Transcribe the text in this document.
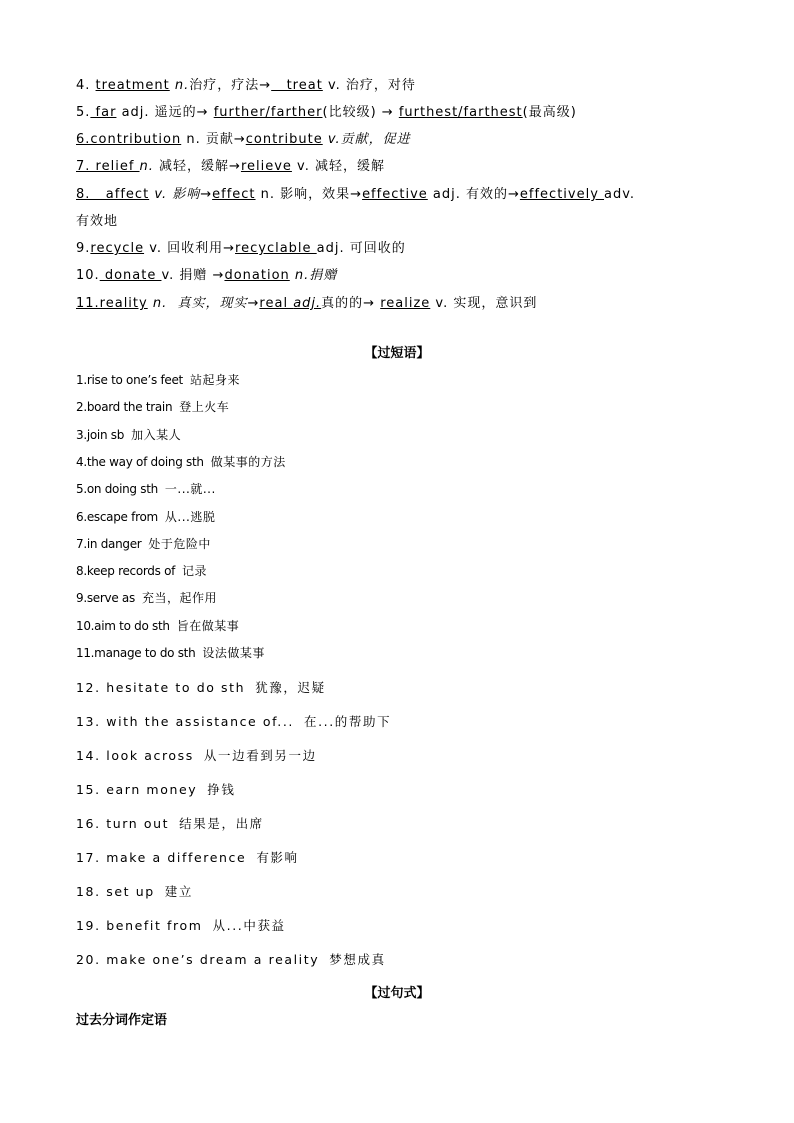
4. treatment n.治疗，疗法→   treat v. 治疗，对待
5. far adj. 遥远的→ further/farther(比较级) → furthest/farthest(最高级)
6.contribution n. 贡献→contribute v.贡献，促进
7. relief n. 减轻，缓解→relieve v. 减轻，缓解
8.   affect v. 影响→effect n. 影响，效果→effective adj. 有效的→effectively adv.
有效地
9.recycle v. 回收利用→recyclable adj. 可回收的
10. donate v. 捐赠 →donation n.捐赠
11.reality n. 真实，现实→real adj.真的的→ realize v. 实现，意识到
【过短语】
1.rise to one’s feet 站起身来
2.board the train 登上火车
3.join sb 加入某人
4.the way of doing sth 做某事的方法
5.on doing sth 一...就...
6.escape from 从...逃脱
7.in danger 处于危险中
8.keep records of 记录
9.serve as 充当，起作用
10.aim to do sth 旨在做某事
11.manage to do sth 设法做某事
12. hesitate to do sth 犹豫，迟疑
13. with the assistance of... 在...的帮助下
14. look across 从一边看到另一边
15. earn money 挣钱
16. turn out 结果是，出席
17. make a difference 有影响
18. set up 建立
19. benefit from 从...中获益
20. make one’s dream a reality 梦想成真
【过句式】
过去分词作定语
